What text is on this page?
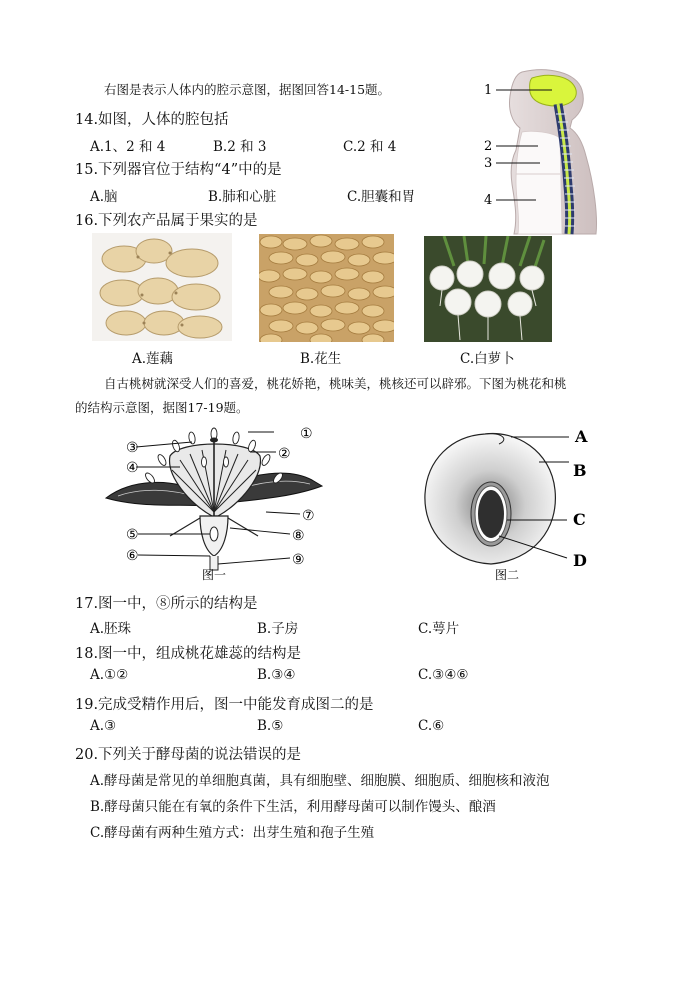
右图是表示人体内的腔示意图，据图回答14-15题。
14.如图，人体的腔包括
A.1、2 和 4	B.2 和 3	C.2 和 4
15.下列器官位于结构“4”中的是
A.脑	B.肺和心脏	C.胆囊和胃
16.下列农产品属于果实的是
1
2
3
4
A.莲藕	B.花生	C.白萝卜
自古桃树就深受人们的喜爱，桃花娇艳，桃味美，桃核还可以辟邪。下图为桃花和桃
的结构示意图，据图17-19题。
①
②
③
④
⑤
⑥
⑦
⑧
⑨
图一
A
B
C
D
图二
17.图一中，⑧所示的结构是
A.胚珠	B.子房	C.萼片
18.图一中，组成桃花雄蕊的结构是
A.①②	B.③④	C.③④⑥
19.完成受精作用后，图一中能发育成图二的是
A.③	B.⑤	C.⑥
20.下列关于酵母菌的说法错误的是
A.酵母菌是常见的单细胞真菌，具有细胞壁、细胞膜、细胞质、细胞核和液泡
B.酵母菌只能在有氧的条件下生活，利用酵母菌可以制作馒头、酿酒
C.酵母菌有两种生殖方式：出芽生殖和孢子生殖
